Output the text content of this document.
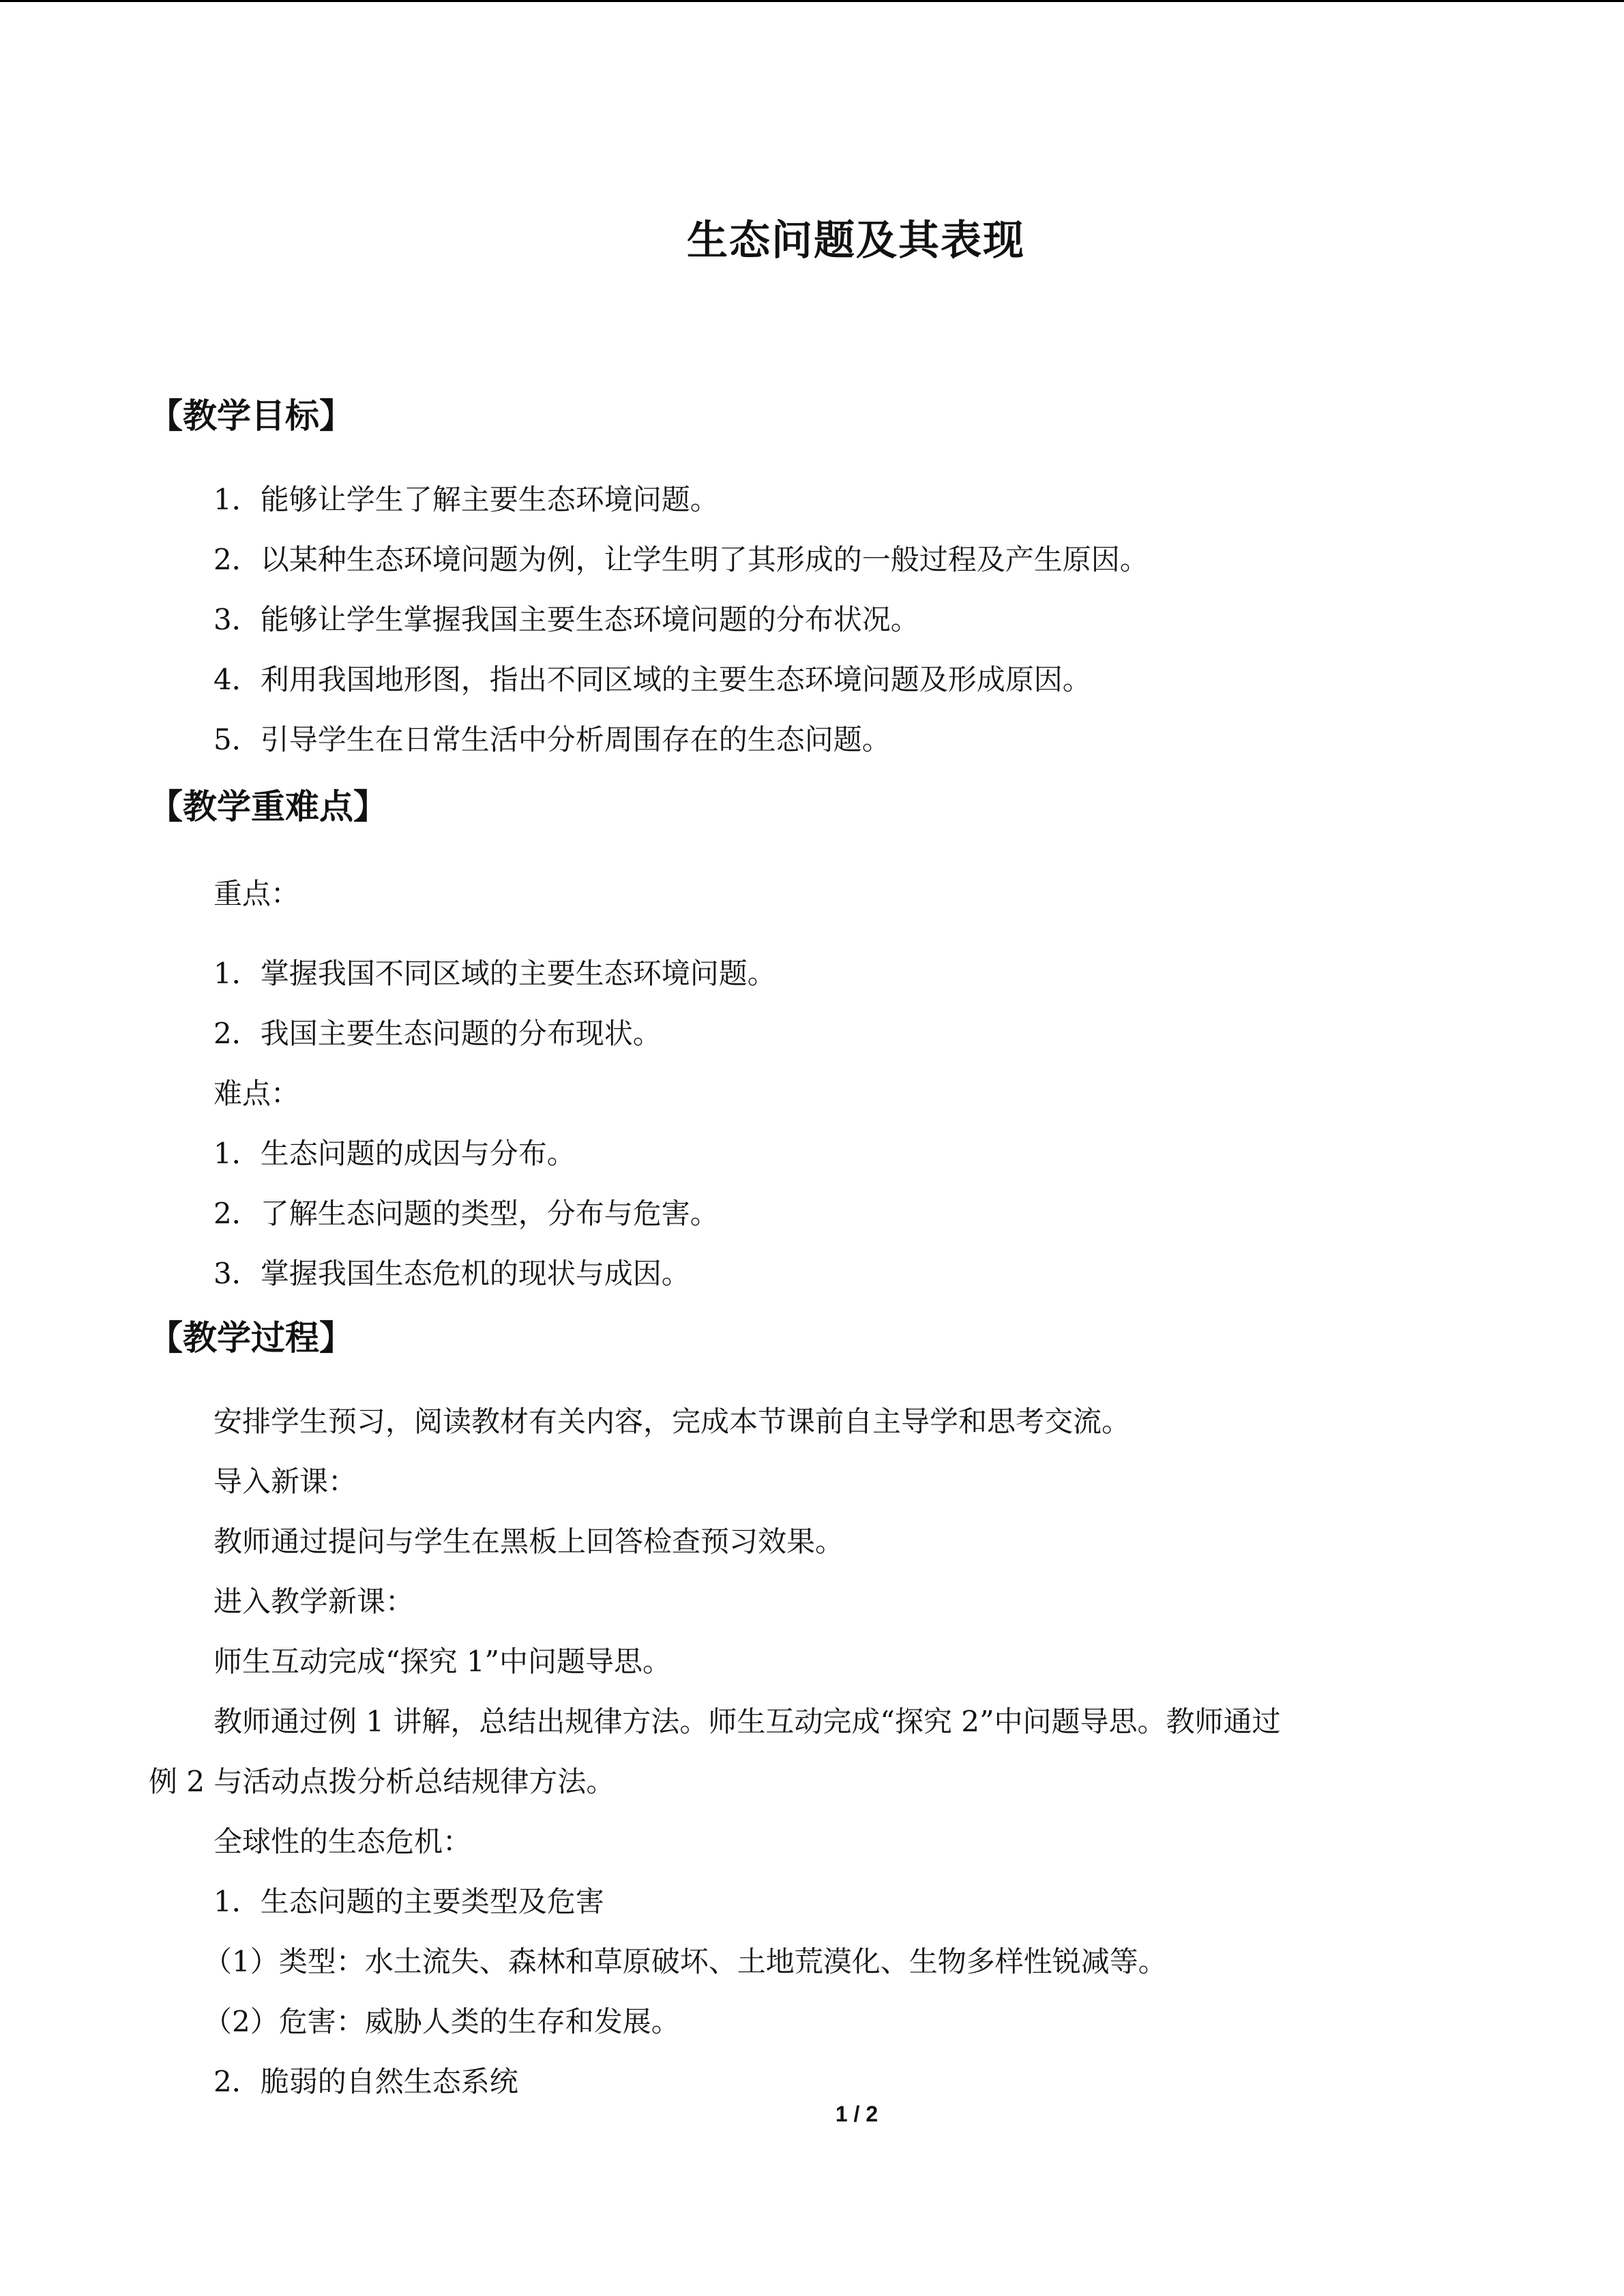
生态问题及其表现
【教学目标】
1．能够让学生了解主要生态环境问题。
2．以某种生态环境问题为例，让学生明了其形成的一般过程及产生原因。
3．能够让学生掌握我国主要生态环境问题的分布状况。
4．利用我国地形图，指出不同区域的主要生态环境问题及形成原因。
5．引导学生在日常生活中分析周围存在的生态问题。
【教学重难点】
重点：
1．掌握我国不同区域的主要生态环境问题。
2．我国主要生态问题的分布现状。
难点：
1．生态问题的成因与分布。
2．了解生态问题的类型，分布与危害。
3．掌握我国生态危机的现状与成因。
【教学过程】
安排学生预习，阅读教材有关内容，完成本节课前自主导学和思考交流。
导入新课：
教师通过提问与学生在黑板上回答检查预习效果。
进入教学新课：
师生互动完成“探究 1”中问题导思。
教师通过例 1 讲解，总结出规律方法。师生互动完成“探究 2”中问题导思。教师通过
例 2 与活动点拨分析总结规律方法。
全球性的生态危机：
1．生态问题的主要类型及危害
（1）类型：水土流失、森林和草原破坏、土地荒漠化、生物多样性锐减等。
（2）危害：威胁人类的生存和发展。
2．脆弱的自然生态系统
1 / 2
